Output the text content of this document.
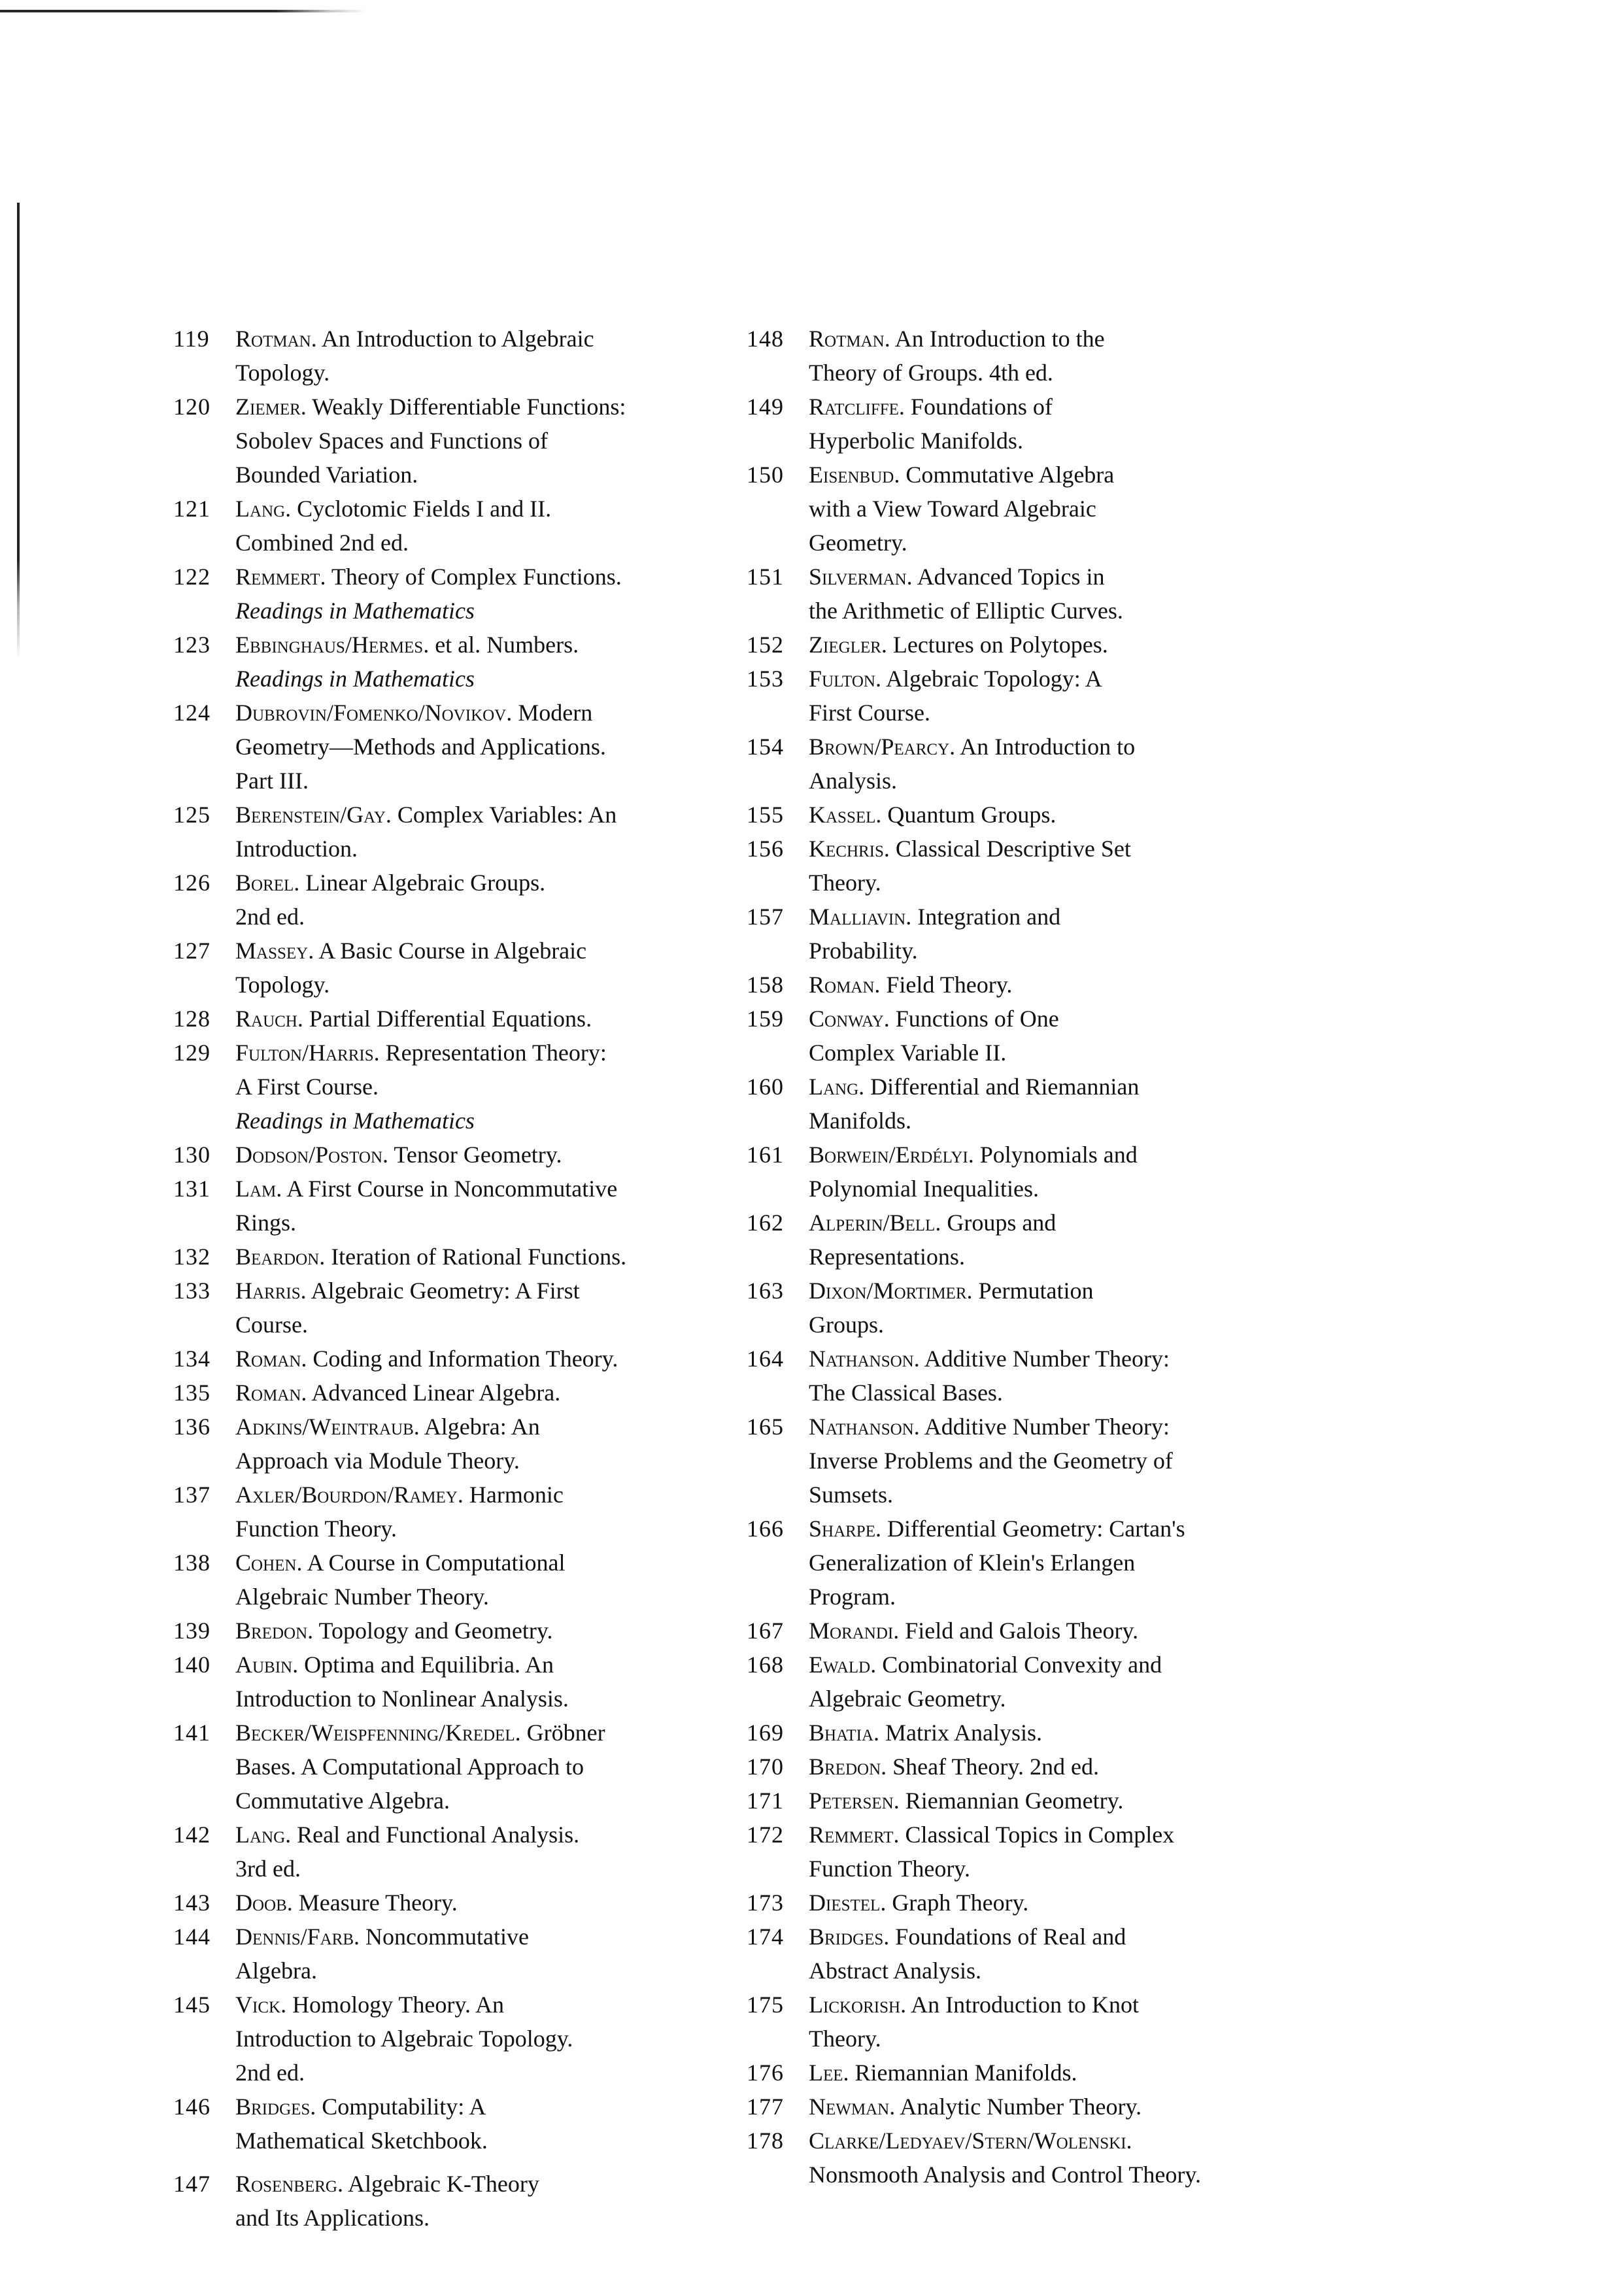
119	Rotman. An Introduction to Algebraic
Topology.
120	Ziemer. Weakly Differentiable Functions:
Sobolev Spaces and Functions of
Bounded Variation.
121	Lang. Cyclotomic Fields I and II.
Combined 2nd ed.
122	Remmert. Theory of Complex Functions.
Readings in Mathematics
123	Ebbinghaus/Hermes. et al. Numbers.
Readings in Mathematics
124	Dubrovin/Fomenko/Novikov. Modern
Geometry—Methods and Applications.
Part III.
125	Berenstein/Gay. Complex Variables: An
Introduction.
126	Borel. Linear Algebraic Groups.
2nd ed.
127	Massey. A Basic Course in Algebraic
Topology.
128	Rauch. Partial Differential Equations.
129	Fulton/Harris. Representation Theory:
A First Course.
Readings in Mathematics
130	Dodson/Poston. Tensor Geometry.
131	Lam. A First Course in Noncommutative
Rings.
132	Beardon. Iteration of Rational Functions.
133	Harris. Algebraic Geometry: A First
Course.
134	Roman. Coding and Information Theory.
135	Roman. Advanced Linear Algebra.
136	Adkins/Weintraub. Algebra: An
Approach via Module Theory.
137	Axler/Bourdon/Ramey. Harmonic
Function Theory.
138	Cohen. A Course in Computational
Algebraic Number Theory.
139	Bredon. Topology and Geometry.
140	Aubin. Optima and Equilibria. An
Introduction to Nonlinear Analysis.
141	Becker/Weispfenning/Kredel. Gröbner
Bases. A Computational Approach to
Commutative Algebra.
142	Lang. Real and Functional Analysis.
3rd ed.
143	Doob. Measure Theory.
144	Dennis/Farb. Noncommutative
Algebra.
145	Vick. Homology Theory. An
Introduction to Algebraic Topology.
2nd ed.
146	Bridges. Computability: A
Mathematical Sketchbook.
147	Rosenberg. Algebraic K-Theory
and Its Applications.
148	Rotman. An Introduction to the
Theory of Groups. 4th ed.
149	Ratcliffe. Foundations of
Hyperbolic Manifolds.
150	Eisenbud. Commutative Algebra
with a View Toward Algebraic
Geometry.
151	Silverman. Advanced Topics in
the Arithmetic of Elliptic Curves.
152	Ziegler. Lectures on Polytopes.
153	Fulton. Algebraic Topology: A
First Course.
154	Brown/Pearcy. An Introduction to
Analysis.
155	Kassel. Quantum Groups.
156	Kechris. Classical Descriptive Set
Theory.
157	Malliavin. Integration and
Probability.
158	Roman. Field Theory.
159	Conway. Functions of One
Complex Variable II.
160	Lang. Differential and Riemannian
Manifolds.
161	Borwein/Erdélyi. Polynomials and
Polynomial Inequalities.
162	Alperin/Bell. Groups and
Representations.
163	Dixon/Mortimer. Permutation
Groups.
164	Nathanson. Additive Number Theory:
The Classical Bases.
165	Nathanson. Additive Number Theory:
Inverse Problems and the Geometry of
Sumsets.
166	Sharpe. Differential Geometry: Cartan's
Generalization of Klein's Erlangen
Program.
167	Morandi. Field and Galois Theory.
168	Ewald. Combinatorial Convexity and
Algebraic Geometry.
169	Bhatia. Matrix Analysis.
170	Bredon. Sheaf Theory. 2nd ed.
171	Petersen. Riemannian Geometry.
172	Remmert. Classical Topics in Complex
Function Theory.
173	Diestel. Graph Theory.
174	Bridges. Foundations of Real and
Abstract Analysis.
175	Lickorish. An Introduction to Knot
Theory.
176	Lee. Riemannian Manifolds.
177	Newman. Analytic Number Theory.
178	Clarke/Ledyaev/Stern/Wolenski.
Nonsmooth Analysis and Control Theory.
